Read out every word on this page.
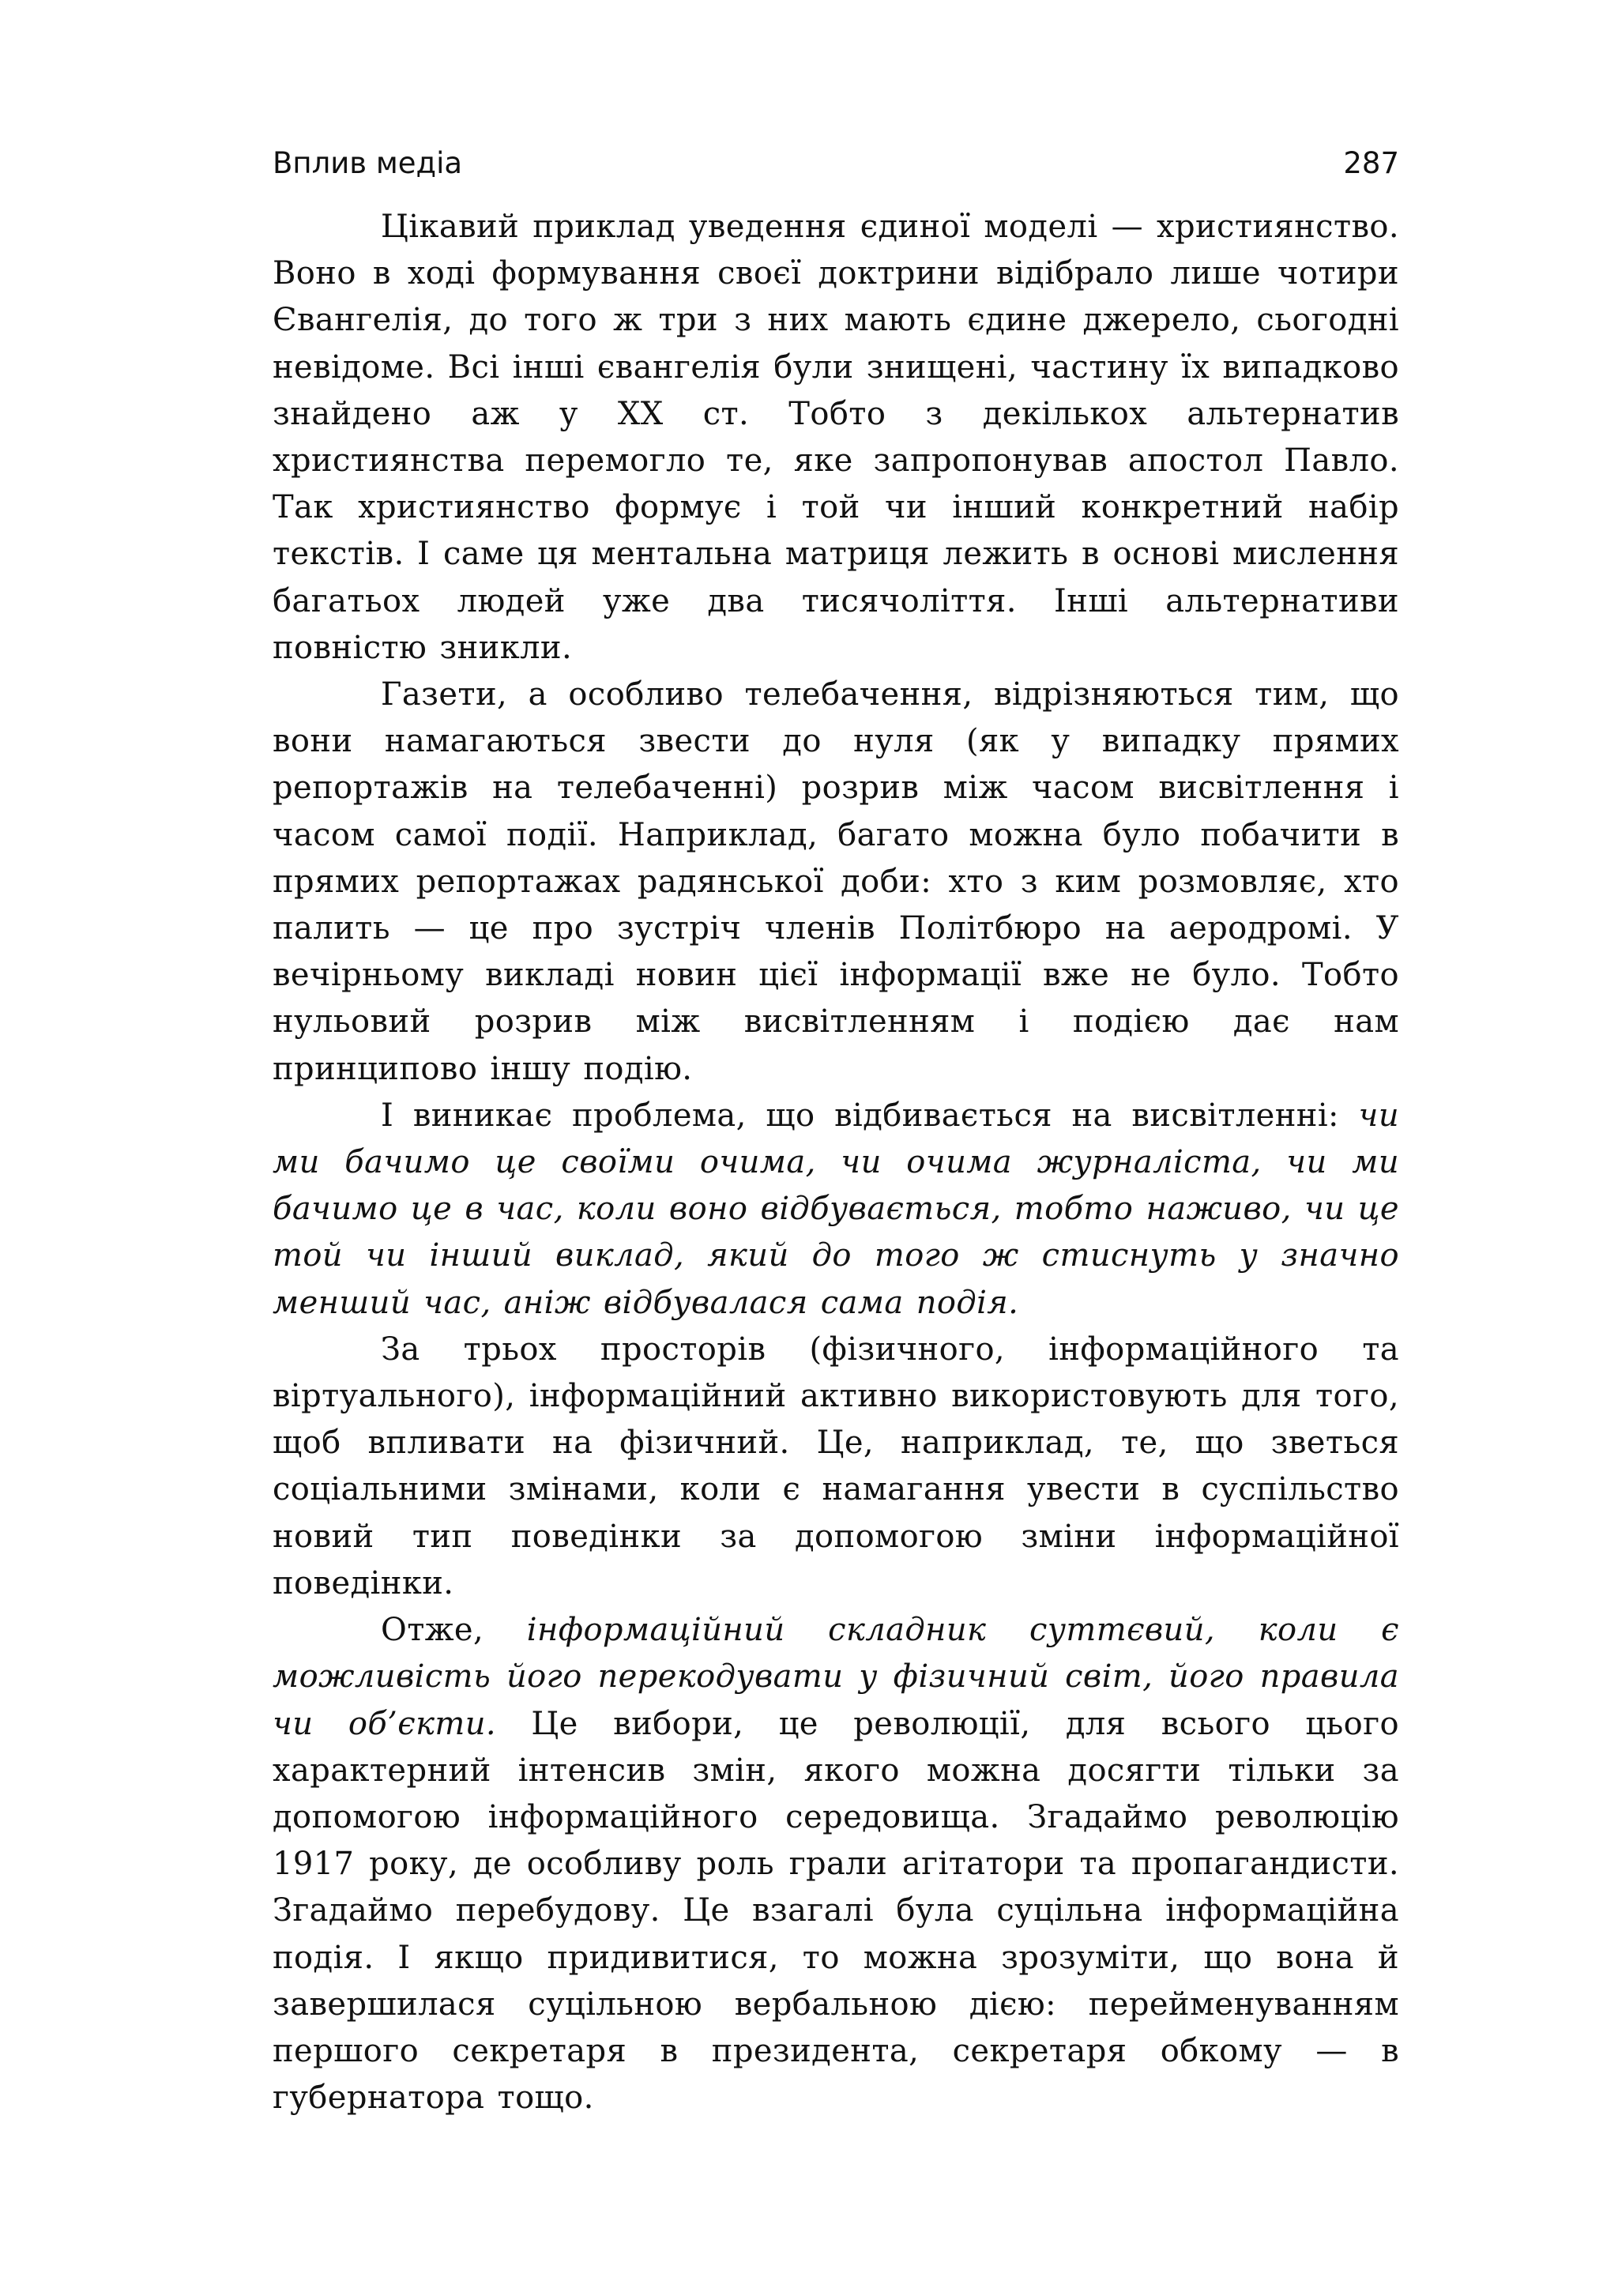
Вплив медіа	287

Цікавий приклад уведення єдиної моделі — християнство. Воно в ході формування своєї доктрини відібрало лише чотири Євангелія, до того ж три з них мають єдине джерело, сьогодні невідоме. Всі інші євангелія були знищені, частину їх випадково знайдено аж у XX ст. Тобто з декількох альтернатив християнства перемогло те, яке запропонував апостол Павло. Так християнство формує і той чи інший конкретний набір текстів. І саме ця ментальна матриця лежить в основі мислення багатьох людей уже два тисячоліття. Інші альтернативи повністю зникли.

Газети, а особливо телебачення, відрізняються тим, що вони намагаються звести до нуля (як у випадку прямих репортажів на телебаченні) розрив між часом висвітлення і часом самої події. Наприклад, багато можна було побачити в прямих репортажах радянської доби: хто з ким розмовляє, хто палить — це про зустріч членів Політбюро на аеродромі. У вечірньому викладі новин цієї інформації вже не було. Тобто нульовий розрив між висвітленням і подією дає нам принципово іншу подію.

І виникає проблема, що відбивається на висвітленні: чи ми бачимо це своїми очима, чи очима журналіста, чи ми бачимо це в час, коли воно відбувається, тобто наживо, чи це той чи інший виклад, який до того ж стиснуть у значно менший час, аніж відбувалася сама подія.

За трьох просторів (фізичного, інформаційного та віртуального), інформаційний активно використовують для того, щоб впливати на фізичний. Це, наприклад, те, що зветься соціальними змінами, коли є намагання увести в суспільство новий тип поведінки за допомогою зміни інформаційної поведінки.

Отже, інформаційний складник суттєвий, коли є можливість його перекодувати у фізичний світ, його правила чи об’єкти. Це вибори, це революції, для всього цього характерний інтенсив змін, якого можна досягти тільки за допомогою інформаційного середовища. Згадаймо революцію 1917 року, де особливу роль грали агітатори та пропагандисти. Згадаймо перебудову. Це взагалі була суцільна інформаційна подія. І якщо придивитися, то можна зрозуміти, що вона й завершилася суцільною вербальною дією: перейменуванням першого секретаря в президента, секретаря обкому — в губернатора тощо.
